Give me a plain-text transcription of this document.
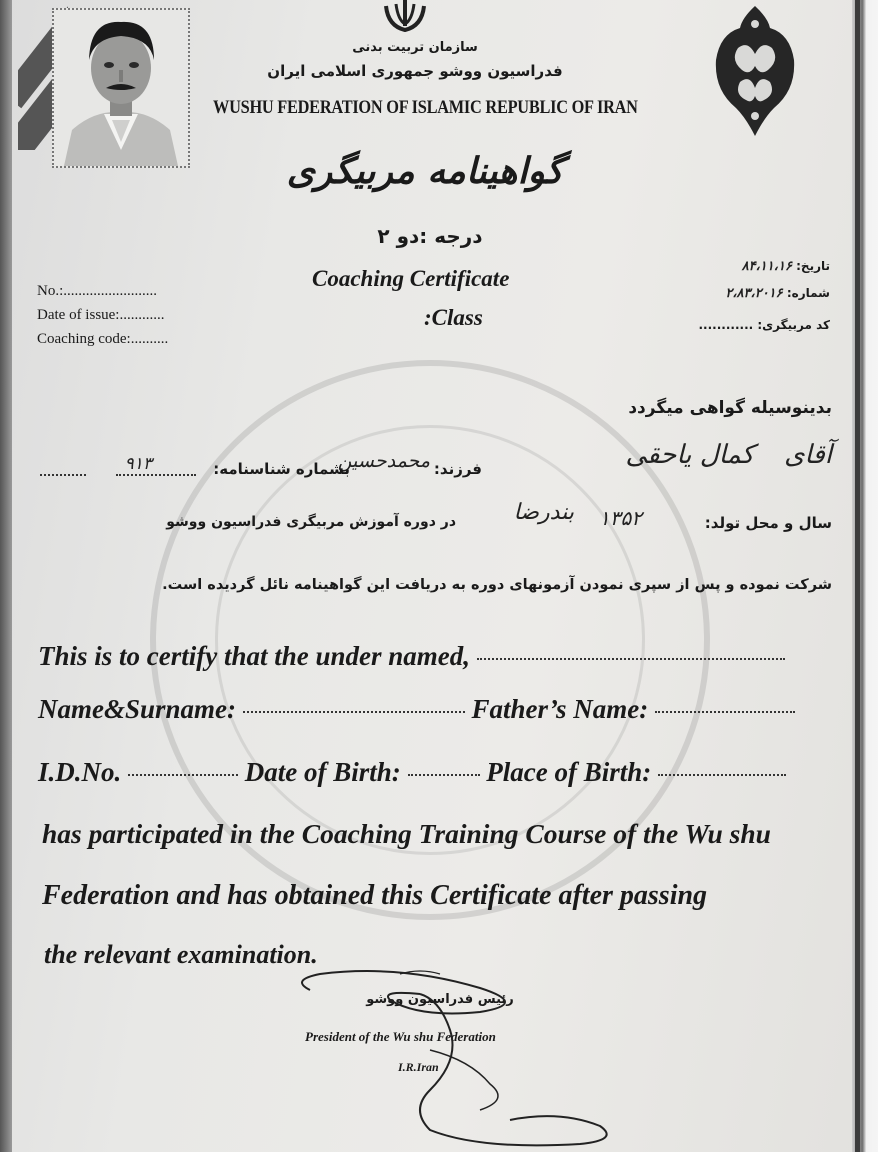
سازمان تربیت بدنی
فدراسیون ووشو جمهوری اسلامی ایران
WUSHU FEDERATION OF ISLAMIC REPUBLIC OF IRAN
گواهینامه مربیگری
درجه :دو ۲
Coaching Certificate
:Class
No.:.........................
Date of issue:............
Coaching code:..........
تاریخ: ۸۴،۱۱،۱۶
شماره: ۲،۸۳،۲۰۱۶
کد مربیگری: ............
بدینوسیله گواهی میگردد
آقای
کمال یاحقی
فرزند:
محمدحسین
بشماره شناسنامه:
۹۱۳
سال و محل تولد:
۱۳۵۲
بندرضا
در دوره آموزش مربیگری فدراسیون ووشو
شرکت نموده و پس از سپری نمودن آزمونهای دوره به دریافت این گواهینامه نائل گردیده است.
This is to certify that the under named,
Name&Surname:	Father’s Name:
I.D.No.	Date of Birth:	Place of Birth:
has participated in the Coaching Training Course of the Wu shu
Federation and has obtained this Certificate after passing
the relevant examination.
رئیس فدراسیون ووشو
President of the Wu shu Federation
I.R.Iran
